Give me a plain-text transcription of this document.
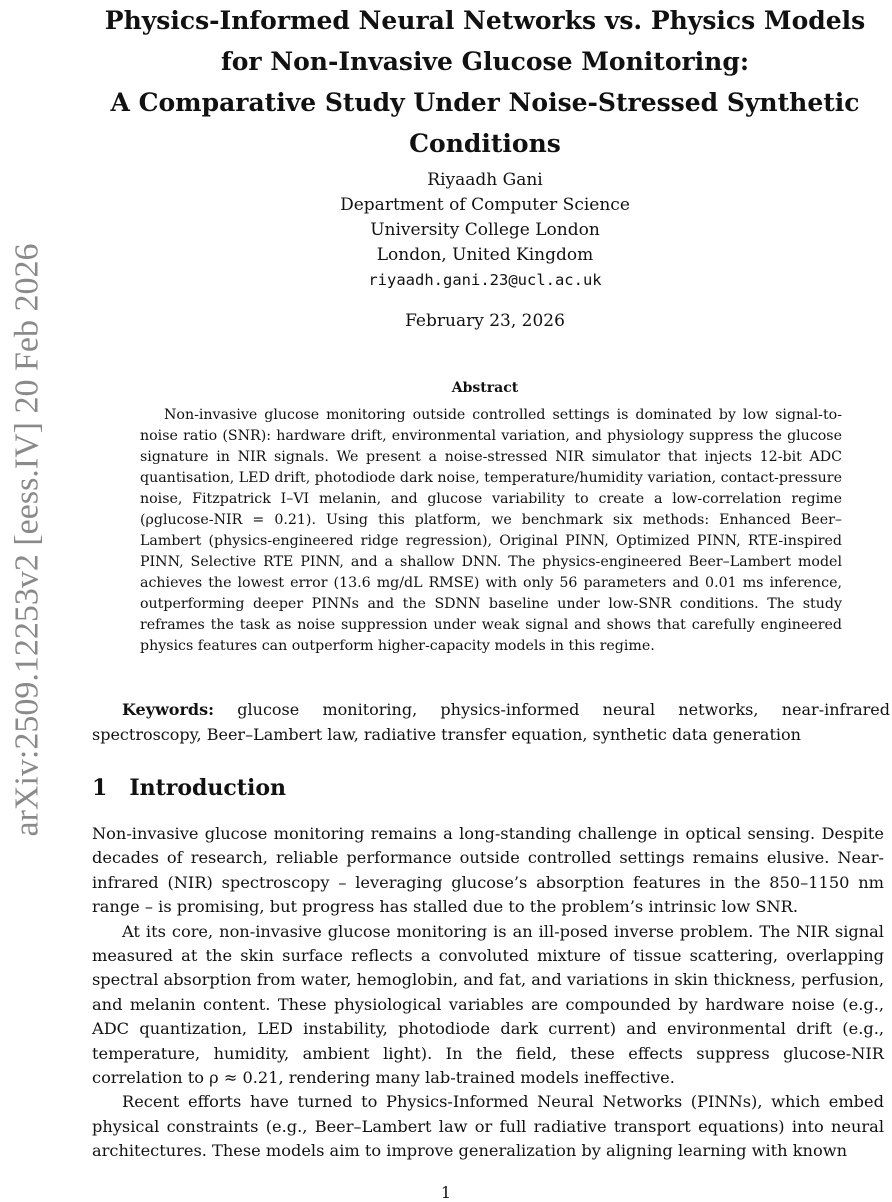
arXiv:2509.12253v2 [eess.IV] 20 Feb 2026
Physics-Informed Neural Networks vs. Physics Models
for Non-Invasive Glucose Monitoring:
A Comparative Study Under Noise-Stressed Synthetic
Conditions
Riyaadh Gani
Department of Computer Science
University College London
London, United Kingdom
riyaadh.gani.23@ucl.ac.uk
February 23, 2026
Abstract

Non-invasive glucose monitoring outside controlled settings is dominated by low signal-to-noise ratio (SNR): hardware drift, environmental variation, and physiology suppress the glucose signature in NIR signals. We present a noise-stressed NIR simulator that injects 12-bit ADC quantisation, LED drift, photodiode dark noise, temperature/humidity variation, contact-pressure noise, Fitzpatrick I–VI melanin, and glucose variability to create a low-correlation regime (ρglucose-NIR = 0.21). Using this platform, we benchmark six methods: Enhanced Beer–Lambert (physics-engineered ridge regression), Original PINN, Optimized PINN, RTE-inspired PINN, Selective RTE PINN, and a shallow DNN. The physics-engineered Beer–Lambert model achieves the lowest error (13.6 mg/dL RMSE) with only 56 parameters and 0.01 ms inference, outperforming deeper PINNs and the SDNN baseline under low-SNR conditions. The study reframes the task as noise suppression under weak signal and shows that carefully engineered physics features can outperform higher-capacity models in this regime.

Keywords: glucose monitoring, physics-informed neural networks, near-infrared spectroscopy, Beer–Lambert law, radiative transfer equation, synthetic data generation

1 Introduction

Non-invasive glucose monitoring remains a long-standing challenge in optical sensing. Despite decades of research, reliable performance outside controlled settings remains elusive. Near-infrared (NIR) spectroscopy – leveraging glucose’s absorption features in the 850–1150 nm range – is promising, but progress has stalled due to the problem’s intrinsic low SNR.

At its core, non-invasive glucose monitoring is an ill-posed inverse problem. The NIR signal measured at the skin surface reflects a convoluted mixture of tissue scattering, overlapping spectral absorption from water, hemoglobin, and fat, and variations in skin thickness, perfusion, and melanin content. These physiological variables are compounded by hardware noise (e.g., ADC quantization, LED instability, photodiode dark current) and environmental drift (e.g., temperature, humidity, ambient light). In the field, these effects suppress glucose-NIR correlation to ρ ≈ 0.21, rendering many lab-trained models ineffective.

Recent efforts have turned to Physics-Informed Neural Networks (PINNs), which embed physical constraints (e.g., Beer–Lambert law or full radiative transport equations) into neural architectures. These models aim to improve generalization by aligning learning with known

1
